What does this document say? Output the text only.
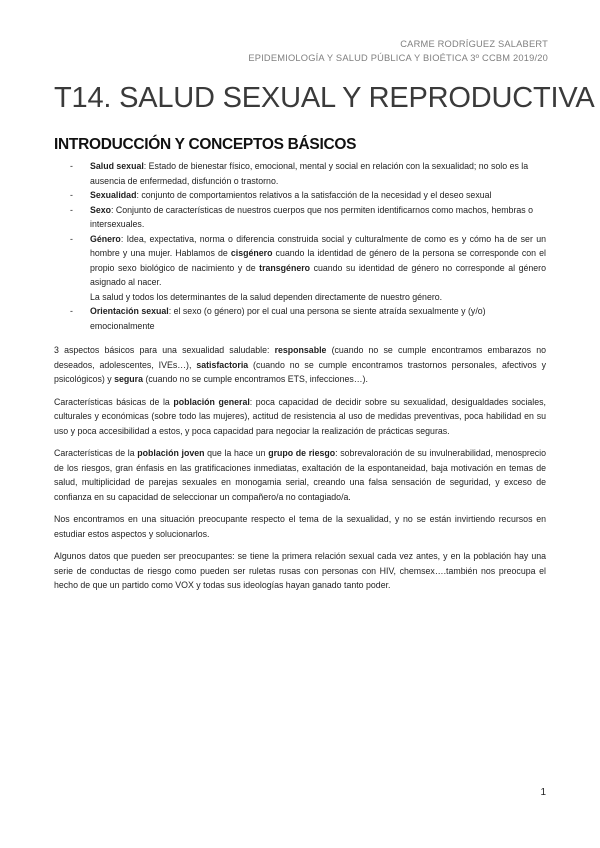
CARME RODRÍGUEZ SALABERT
EPIDEMIOLOGÍA Y SALUD PÚBLICA Y BIOÉTICA 3º CCBM 2019/20
T14. SALUD SEXUAL Y REPRODUCTIVA
INTRODUCCIÓN Y CONCEPTOS BÁSICOS
- Salud sexual: Estado de bienestar físico, emocional, mental y social en relación con la sexualidad; no solo es la ausencia de enfermedad, disfunción o trastorno.
- Sexualidad: conjunto de comportamientos relativos a la satisfacción de la necesidad y el deseo sexual
- Sexo: Conjunto de características de nuestros cuerpos que nos permiten identificarnos como machos, hembras o intersexuales.
- Género: Idea, expectativa, norma o diferencia construida social y culturalmente de como es y cómo ha de ser un hombre y una mujer. Hablamos de cisgénero cuando la identidad de género de la persona se corresponde con el propio sexo biológico de nacimiento y de transgénero cuando su identidad de género no corresponde al género asignado al nacer.
La salud y todos los determinantes de la salud dependen directamente de nuestro género.
- Orientación sexual: el sexo (o género) por el cual una persona se siente atraída sexualmente y (y/o) emocionalmente

3 aspectos básicos para una sexualidad saludable: responsable (cuando no se cumple encontramos embarazos no deseados, adolescentes, IVEs…), satisfactoria (cuando no se cumple encontramos trastornos personales, afectivos y psicológicos) y segura (cuando no se cumple encontramos ETS, infecciones…).

Características básicas de la población general: poca capacidad de decidir sobre su sexualidad, desigualdades sociales, culturales y económicas (sobre todo las mujeres), actitud de resistencia al uso de medidas preventivas, poca habilidad en su uso y poca accesibilidad a estos, y poca capacidad para negociar la realización de prácticas seguras.

Características de la población joven que la hace un grupo de riesgo: sobrevaloración de su invulnerabilidad, menosprecio de los riesgos, gran énfasis en las gratificaciones inmediatas, exaltación de la espontaneidad, baja motivación en temas de salud, multiplicidad de parejas sexuales en monogamia serial, creando una falsa sensación de seguridad, y exceso de confianza en su capacidad de seleccionar un compañero/a no contagiado/a.

Nos encontramos en una situación preocupante respecto el tema de la sexualidad, y no se están invirtiendo recursos en estudiar estos aspectos y solucionarlos.

Algunos datos que pueden ser preocupantes: se tiene la primera relación sexual cada vez antes, y en la población hay una serie de conductas de riesgo como pueden ser ruletas rusas con personas con HIV, chemsex….también nos preocupa el hecho de que un partido como VOX y todas sus ideologías hayan ganado tanto poder.

1
